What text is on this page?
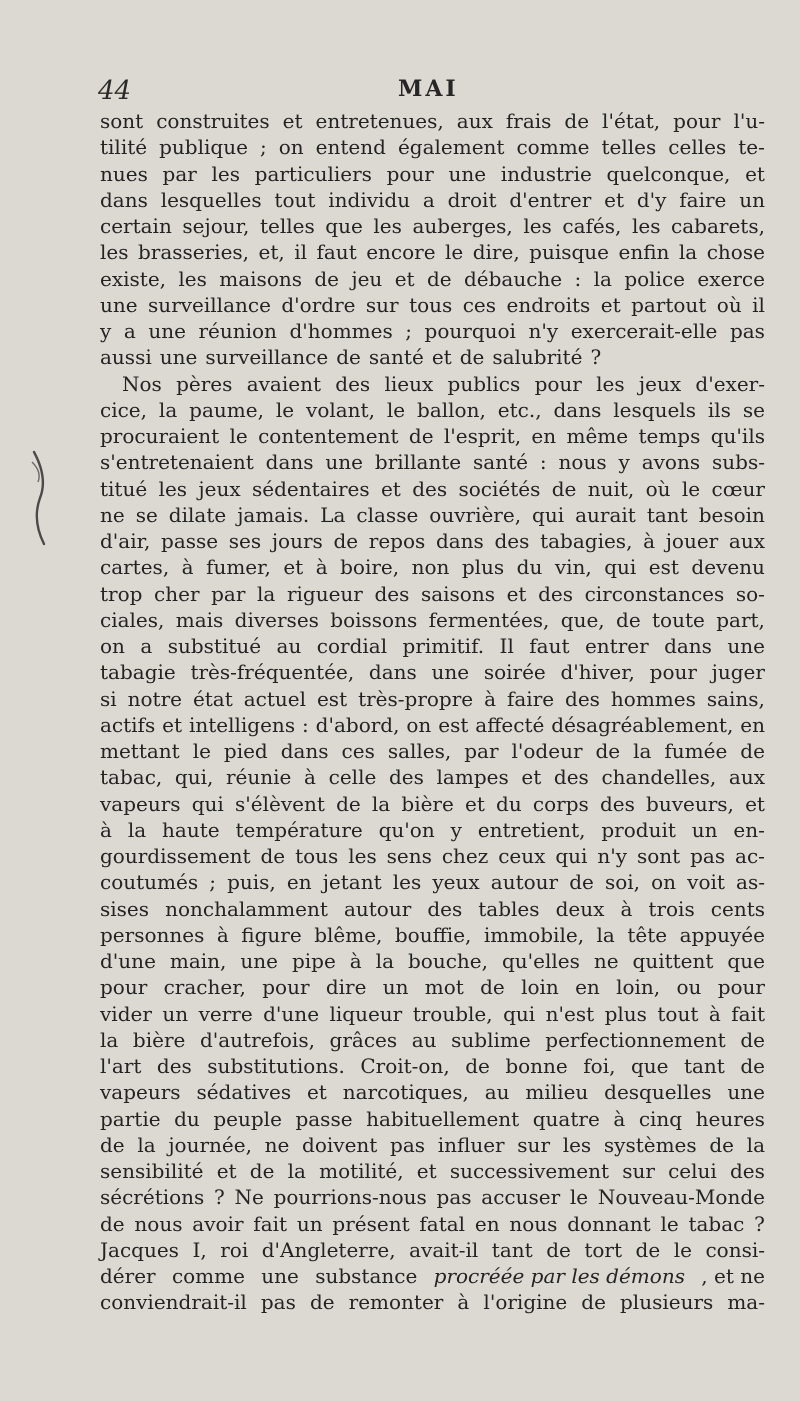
44	MAI
sont construites et entretenues, aux frais de l'état, pour l'u-
tilité publique ; on entend également comme telles celles te-
nues par les particuliers pour une industrie quelconque, et
dans lesquelles tout individu a droit d'entrer et d'y faire un
certain sejour, telles que les auberges, les cafés, les cabarets,
les brasseries, et, il faut encore le dire, puisque enfin la chose
existe, les maisons de jeu et de débauche : la police exerce
une surveillance d'ordre sur tous ces endroits et partout où il
y a une réunion d'hommes ; pourquoi n'y exercerait-elle pas
aussi une surveillance de santé et de salubrité ?
Nos pères avaient des lieux publics pour les jeux d'exer-
cice, la paume, le volant, le ballon, etc., dans lesquels ils se
procuraient le contentement de l'esprit, en même temps qu'ils
s'entretenaient dans une brillante santé : nous y avons subs-
titué les jeux sédentaires et des sociétés de nuit, où le cœur
ne se dilate jamais. La classe ouvrière, qui aurait tant besoin
d'air, passe ses jours de repos dans des tabagies, à jouer aux
cartes, à fumer, et à boire, non plus du vin, qui est devenu
trop cher par la rigueur des saisons et des circonstances so-
ciales, mais diverses boissons fermentées, que, de toute part,
on a substitué au cordial primitif. Il faut entrer dans une
tabagie très-fréquentée, dans une soirée d'hiver, pour juger
si notre état actuel est très-propre à faire des hommes sains,
actifs et intelligens : d'abord, on est affecté désagréablement, en
mettant le pied dans ces salles, par l'odeur de la fumée de
tabac, qui, réunie à celle des lampes et des chandelles, aux
vapeurs qui s'élèvent de la bière et du corps des buveurs, et
à la haute température qu'on y entretient, produit un en-
gourdissement de tous les sens chez ceux qui n'y sont pas ac-
coutumés ; puis, en jetant les yeux autour de soi, on voit as-
sises nonchalamment autour des tables deux à trois cents
personnes à figure blême, bouffie, immobile, la tête appuyée
d'une main, une pipe à la bouche, qu'elles ne quittent que
pour cracher, pour dire un mot de loin en loin, ou pour
vider un verre d'une liqueur trouble, qui n'est plus tout à fait
la bière d'autrefois, grâces au sublime perfectionnement de
l'art des substitutions. Croit-on, de bonne foi, que tant de
vapeurs sédatives et narcotiques, au milieu desquelles une
partie du peuple passe habituellement quatre à cinq heures
de la journée, ne doivent pas influer sur les systèmes de la
sensibilité et de la motilité, et successivement sur celui des
sécrétions ? Ne pourrions-nous pas accuser le Nouveau-Monde
de nous avoir fait un présent fatal en nous donnant le tabac ?
Jacques I, roi d'Angleterre, avait-il tant de tort de le consi-
dérer comme une substance procréée par les démons , et ne
conviendrait-il pas de remonter à l'origine de plusieurs ma-
